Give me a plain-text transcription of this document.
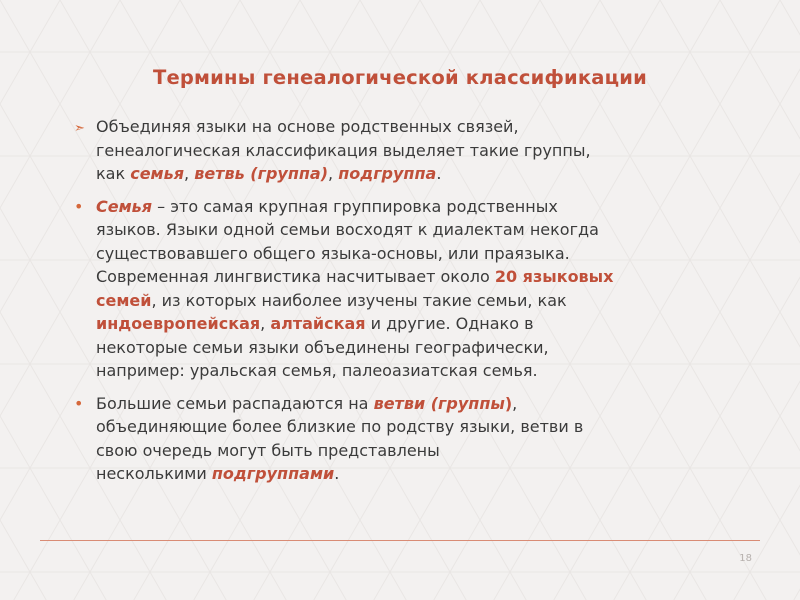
Термины генеалогической классификации
➣ Объединяя языки на основе родственных связей,
генеалогическая классификация выделяет такие группы,
как семья, ветвь (группа), подгруппа.
• Семья – это самая крупная группировка родственных
языков. Языки одной семьи восходят к диалектам некогда
существовавшего общего языка-основы, или праязыка.
Современная лингвистика насчитывает около 20 языковых
семей, из которых наиболее изучены такие семьи, как
индоевропейская, алтайская и другие. Однако в
некоторые семьи языки объединены географически,
например: уральская семья, палеоазиатская семья.
• Большие семьи распадаются на ветви (группы),
объединяющие более близкие по родству языки, ветви в
свою очередь могут быть представлены
несколькими подгруппами.
18
